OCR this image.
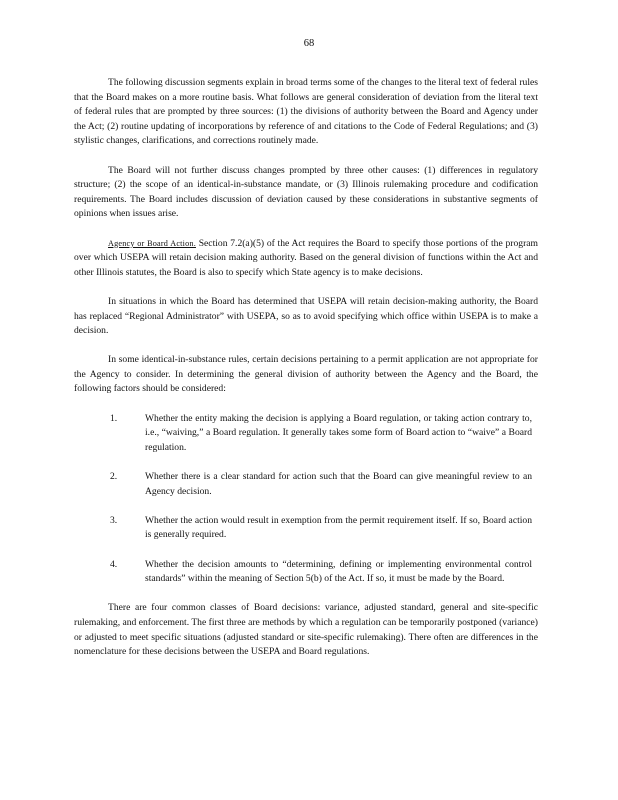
68

The following discussion segments explain in broad terms some of the changes to the literal text of federal rules that the Board makes on a more routine basis. What follows are general consideration of deviation from the literal text of federal rules that are prompted by three sources: (1) the divisions of authority between the Board and Agency under the Act; (2) routine updating of incorporations by reference of and citations to the Code of Federal Regulations; and (3) stylistic changes, clarifications, and corrections routinely made.

The Board will not further discuss changes prompted by three other causes: (1) differences in regulatory structure; (2) the scope of an identical-in-substance mandate, or (3) Illinois rulemaking procedure and codification requirements. The Board includes discussion of deviation caused by these considerations in substantive segments of opinions when issues arise.

Agency or Board Action. Section 7.2(a)(5) of the Act requires the Board to specify those portions of the program over which USEPA will retain decision making authority. Based on the general division of functions within the Act and other Illinois statutes, the Board is also to specify which State agency is to make decisions.

In situations in which the Board has determined that USEPA will retain decision-making authority, the Board has replaced “Regional Administrator” with USEPA, so as to avoid specifying which office within USEPA is to make a decision.

In some identical-in-substance rules, certain decisions pertaining to a permit application are not appropriate for the Agency to consider. In determining the general division of authority between the Agency and the Board, the following factors should be considered:

1.	Whether the entity making the decision is applying a Board regulation, or taking action contrary to, i.e., “waiving,” a Board regulation. It generally takes some form of Board action to “waive” a Board regulation.
2.	Whether there is a clear standard for action such that the Board can give meaningful review to an Agency decision.
3.	Whether the action would result in exemption from the permit requirement itself. If so, Board action is generally required.
4.	Whether the decision amounts to “determining, defining or implementing environmental control standards” within the meaning of Section 5(b) of the Act. If so, it must be made by the Board.

There are four common classes of Board decisions: variance, adjusted standard, general and site-specific rulemaking, and enforcement. The first three are methods by which a regulation can be temporarily postponed (variance) or adjusted to meet specific situations (adjusted standard or site-specific rulemaking). There often are differences in the nomenclature for these decisions between the USEPA and Board regulations.
